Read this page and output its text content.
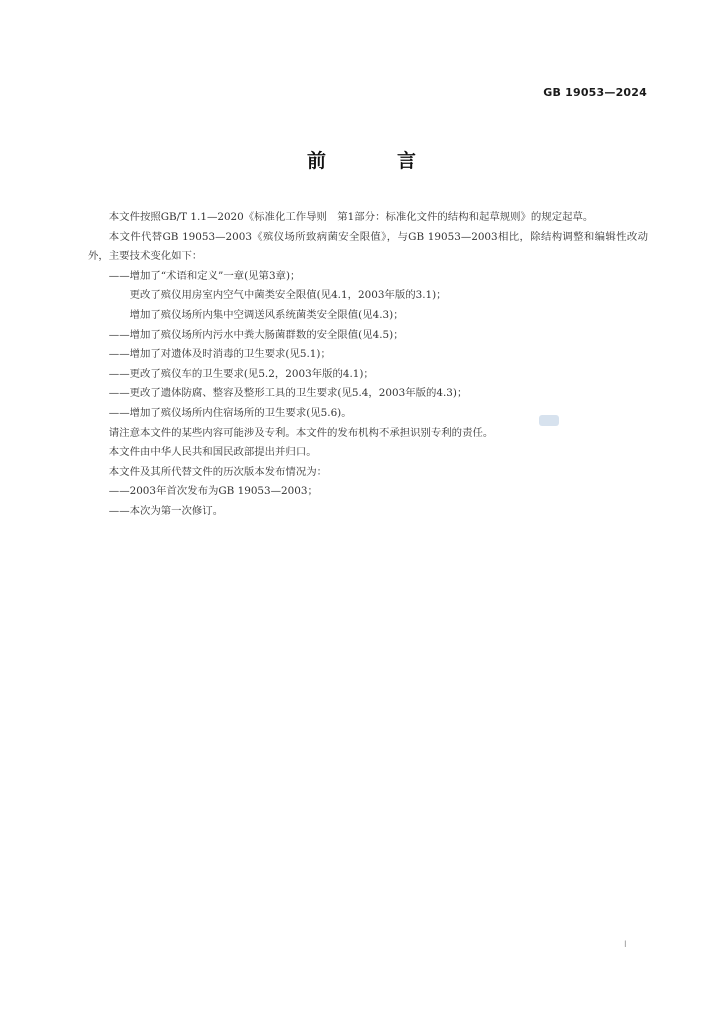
GB 19053—2024
前　言

本文件按照GB/T 1.1—2020《标准化工作导则　第1部分：标准化文件的结构和起草规则》的规定起草。

本文件代替GB 19053—2003《殡仪场所致病菌安全限值》，与GB 19053—2003相比，除结构调整和编辑性改动外，主要技术变化如下：

——增加了“术语和定义”一章(见第3章)；

更改了殡仪用房室内空气中菌类安全限值(见4.1，2003年版的3.1)；

增加了殡仪场所内集中空调送风系统菌类安全限值(见4.3)；

——增加了殡仪场所内污水中粪大肠菌群数的安全限值(见4.5)；

——增加了对遗体及时消毒的卫生要求(见5.1)；

——更改了殡仪车的卫生要求(见5.2，2003年版的4.1)；

——更改了遗体防腐、整容及整形工具的卫生要求(见5.4，2003年版的4.3)；

——增加了殡仪场所内住宿场所的卫生要求(见5.6)。

请注意本文件的某些内容可能涉及专利。本文件的发布机构不承担识别专利的责任。

本文件由中华人民共和国民政部提出并归口。

本文件及其所代替文件的历次版本发布情况为：

——2003年首次发布为GB 19053—2003；

——本次为第一次修订。

I
